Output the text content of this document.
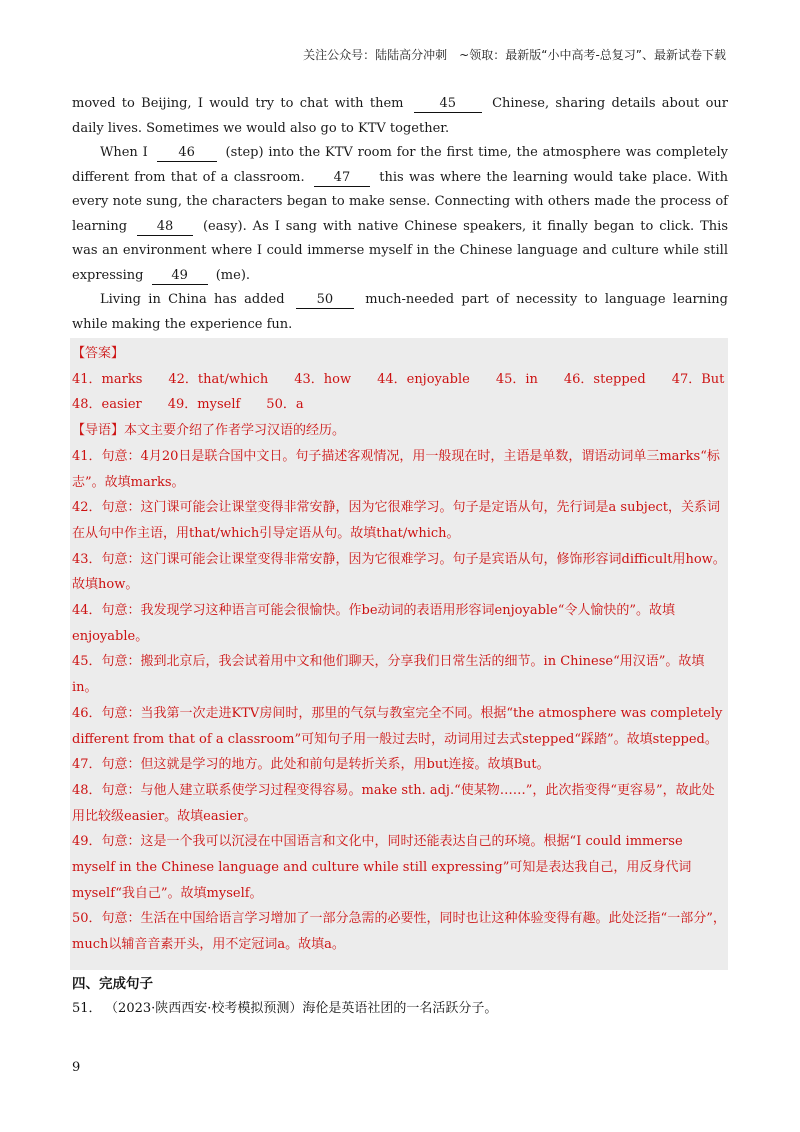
关注公众号：陆陆高分冲刺　~领取：最新版“小中高考-总复习”、最新试卷下载

moved to Beijing, I would try to chat with them	45	Chinese, sharing details about our daily lives. Sometimes we would also go to KTV together.

When I 46 (step) into the KTV room for the first time, the atmosphere was completely different from that of a classroom. 47 this was where the learning would take place. With every note sung, the characters began to make sense. Connecting with others made the process of learning 48 (easy). As I sang with native Chinese speakers, it finally began to click. This was an environment where I could immerse myself in the Chinese language and culture while still expressing 49 (me).

Living in China has added 50 much-needed part of necessity to language learning while making the experience fun.

【答案】

41．marks 42．that/which 43．how 44．enjoyable 45．in 46．stepped 47．But

48．easier 49．myself 50．a

【导语】本文主要介绍了作者学习汉语的经历。

41．句意：4月20日是联合国中文日。句子描述客观情况，用一般现在时，主语是单数，谓语动词单三marks“标志”。故填marks。

42．句意：这门课可能会让课堂变得非常安静，因为它很难学习。句子是定语从句，先行词是a subject，关系词在从句中作主语，用that/which引导定语从句。故填that/which。

43．句意：这门课可能会让课堂变得非常安静，因为它很难学习。句子是宾语从句，修饰形容词difficult用how。故填how。

44．句意：我发现学习这种语言可能会很愉快。作be动词的表语用形容词enjoyable“令人愉快的”。故填enjoyable。

45．句意：搬到北京后，我会试着用中文和他们聊天，分享我们日常生活的细节。in Chinese“用汉语”。故填in。

46．句意：当我第一次走进KTV房间时，那里的气氛与教室完全不同。根据“the atmosphere was completely different from that of a classroom”可知句子用一般过去时，动词用过去式stepped“踩踏”。故填stepped。

47．句意：但这就是学习的地方。此处和前句是转折关系，用but连接。故填But。

48．句意：与他人建立联系使学习过程变得容易。make sth. adj.“使某物……”，此次指变得“更容易”，故此处用比较级easier。故填easier。

49．句意：这是一个我可以沉浸在中国语言和文化中，同时还能表达自己的环境。根据“I could immerse myself in the Chinese language and culture while still expressing”可知是表达我自己，用反身代词myself“我自己”。故填myself。

50．句意：生活在中国给语言学习增加了一部分急需的必要性，同时也让这种体验变得有趣。此处泛指“一部分”，much以辅音音素开头，用不定冠词a。故填a。

四、完成句子
51． （2023·陕西西安·校考模拟预测）海伦是英语社团的一名活跃分子。
9
